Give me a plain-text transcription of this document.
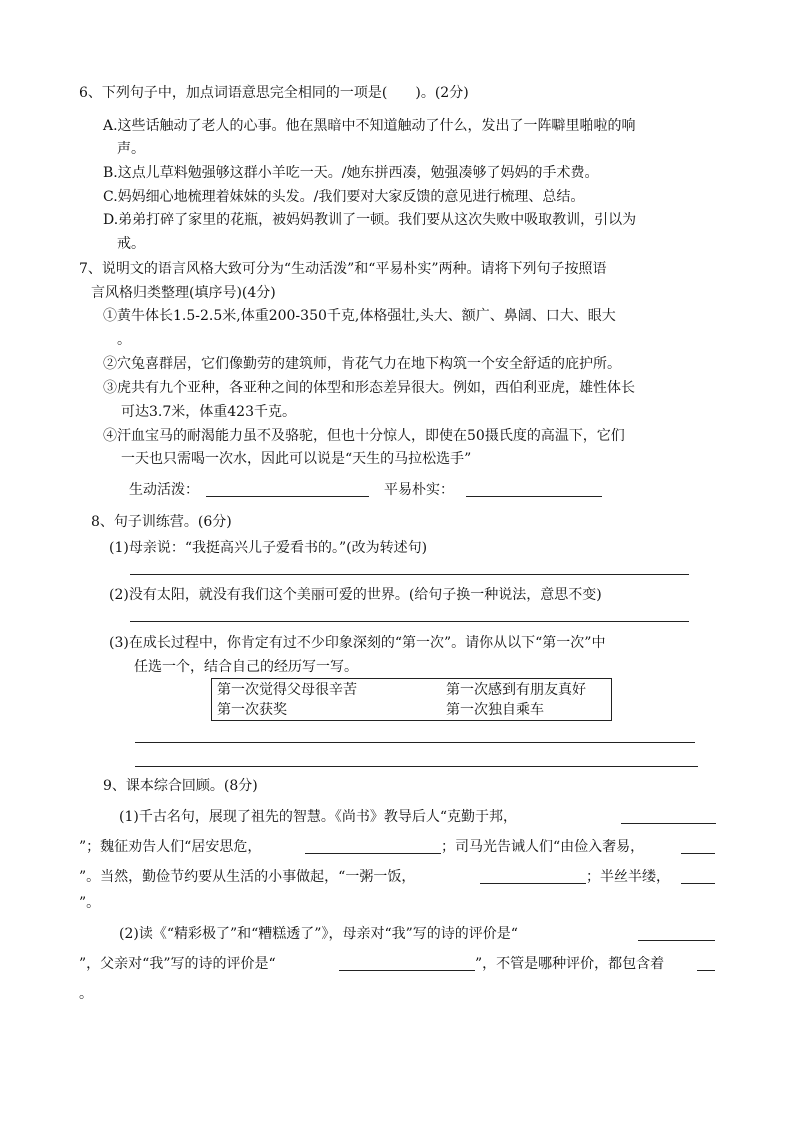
6、下列句子中，加点词语意思完全相同的一项是(　　)。(2分)
A.这些话触动了老人的心事。他在黑暗中不知道触动了什么，发出了一阵噼里啪啦的响
声。
B.这点儿草料勉强够这群小羊吃一天。/她东拼西凑，勉强凑够了妈妈的手术费。
C.妈妈细心地梳理着妹妹的头发。/我们要对大家反馈的意见进行梳理、总结。
D.弟弟打碎了家里的花瓶，被妈妈教训了一顿。我们要从这次失败中吸取教训，引以为
戒。
7、说明文的语言风格大致可分为“生动活泼”和“平易朴实”两种。请将下列句子按照语
言风格归类整理(填序号)(4分)
①黄牛体长1.5-2.5米,体重200-350千克,体格强壮,头大、额广、鼻阔、口大、眼大
。
②穴兔喜群居，它们像勤劳的建筑师，肯花气力在地下构筑一个安全舒适的庇护所。
③虎共有九个亚种，各亚种之间的体型和形态差异很大。例如，西伯利亚虎，雄性体长
可达3.7米，体重423千克。
④汗血宝马的耐渴能力虽不及骆驼，但也十分惊人，即使在50摄氏度的高温下，它们
一天也只需喝一次水，因此可以说是“天生的马拉松选手”
生动活泼：	平易朴实：
8、句子训练营。(6分)
(1)母亲说：“我挺高兴儿子爱看书的。”(改为转述句)
(2)没有太阳，就没有我们这个美丽可爱的世界。(给句子换一种说法，意思不变)
(3)在成长过程中，你肯定有过不少印象深刻的“第一次”。请你从以下“第一次”中
任选一个，结合自己的经历写一写。
第一次觉得父母很辛苦	第一次感到有朋友真好
第一次获奖	第一次独自乘车
9、课本综合回顾。(8分)
(1)千古名句，展现了祖先的智慧。《尚书》教导后人“克勤于邦，
”；魏征劝告人们“居安思危，	；司马光告诫人们“由俭入奢易，
”。当然，勤俭节约要从生活的小事做起，“一粥一饭，	；半丝半缕，
”。
(2)读《“精彩极了”和“糟糕透了”》，母亲对“我”写的诗的评价是“
”，父亲对“我”写的诗的评价是“	”，不管是哪种评价，都包含着
。
